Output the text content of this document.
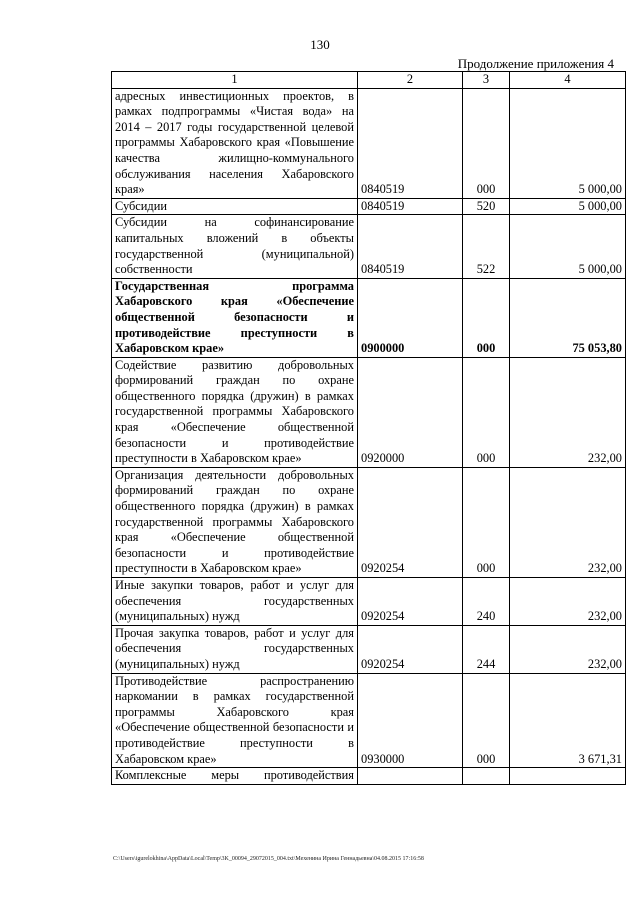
130
Продолжение приложения 4
1	2	3	4
адресных инвестиционных проектов, в рамках подпрограммы «Чистая вода» на 2014 – 2017 годы государственной целевой программы Хабаровского края «Повышение качества жилищно-коммунального обслуживания населения Хабаровского края»	0840519	000	5 000,00
Субсидии	0840519	520	5 000,00
Субсидии на софинансирование капитальных вложений в объекты государственной (муниципальной) собственности	0840519	522	5 000,00
Государственная программа Хабаровского края «Обеспечение общественной безопасности и противодействие преступности в Хабаровском крае»	0900000	000	75 053,80
Содействие развитию добровольных формирований граждан по охране общественного порядка (дружин) в рамках государственной программы Хабаровского края «Обеспечение общественной безопасности и противодействие преступности в Хабаровском крае»	0920000	000	232,00
Организация деятельности добровольных формирований граждан по охране общественного порядка (дружин) в рамках государственной программы Хабаровского края «Обеспечение общественной безопасности и противодействие преступности в Хабаровском крае»	0920254	000	232,00
Иные закупки товаров, работ и услуг для обеспечения государственных (муниципальных) нужд	0920254	240	232,00
Прочая закупка товаров, работ и услуг для обеспечения государственных (муниципальных) нужд	0920254	244	232,00
Противодействие распространению наркомании в рамках государственной программы Хабаровского края «Обеспечение общественной безопасности и противодействие преступности в Хабаровском крае»	0930000	000	3 671,31
Комплексные меры противодействия			
C:\Users\igurelokhina\AppData\Local\Temp\3K_00094_29072015_004.txt\Мехенина Ирина Геннадьевна\04.08.2015 17:16:58
